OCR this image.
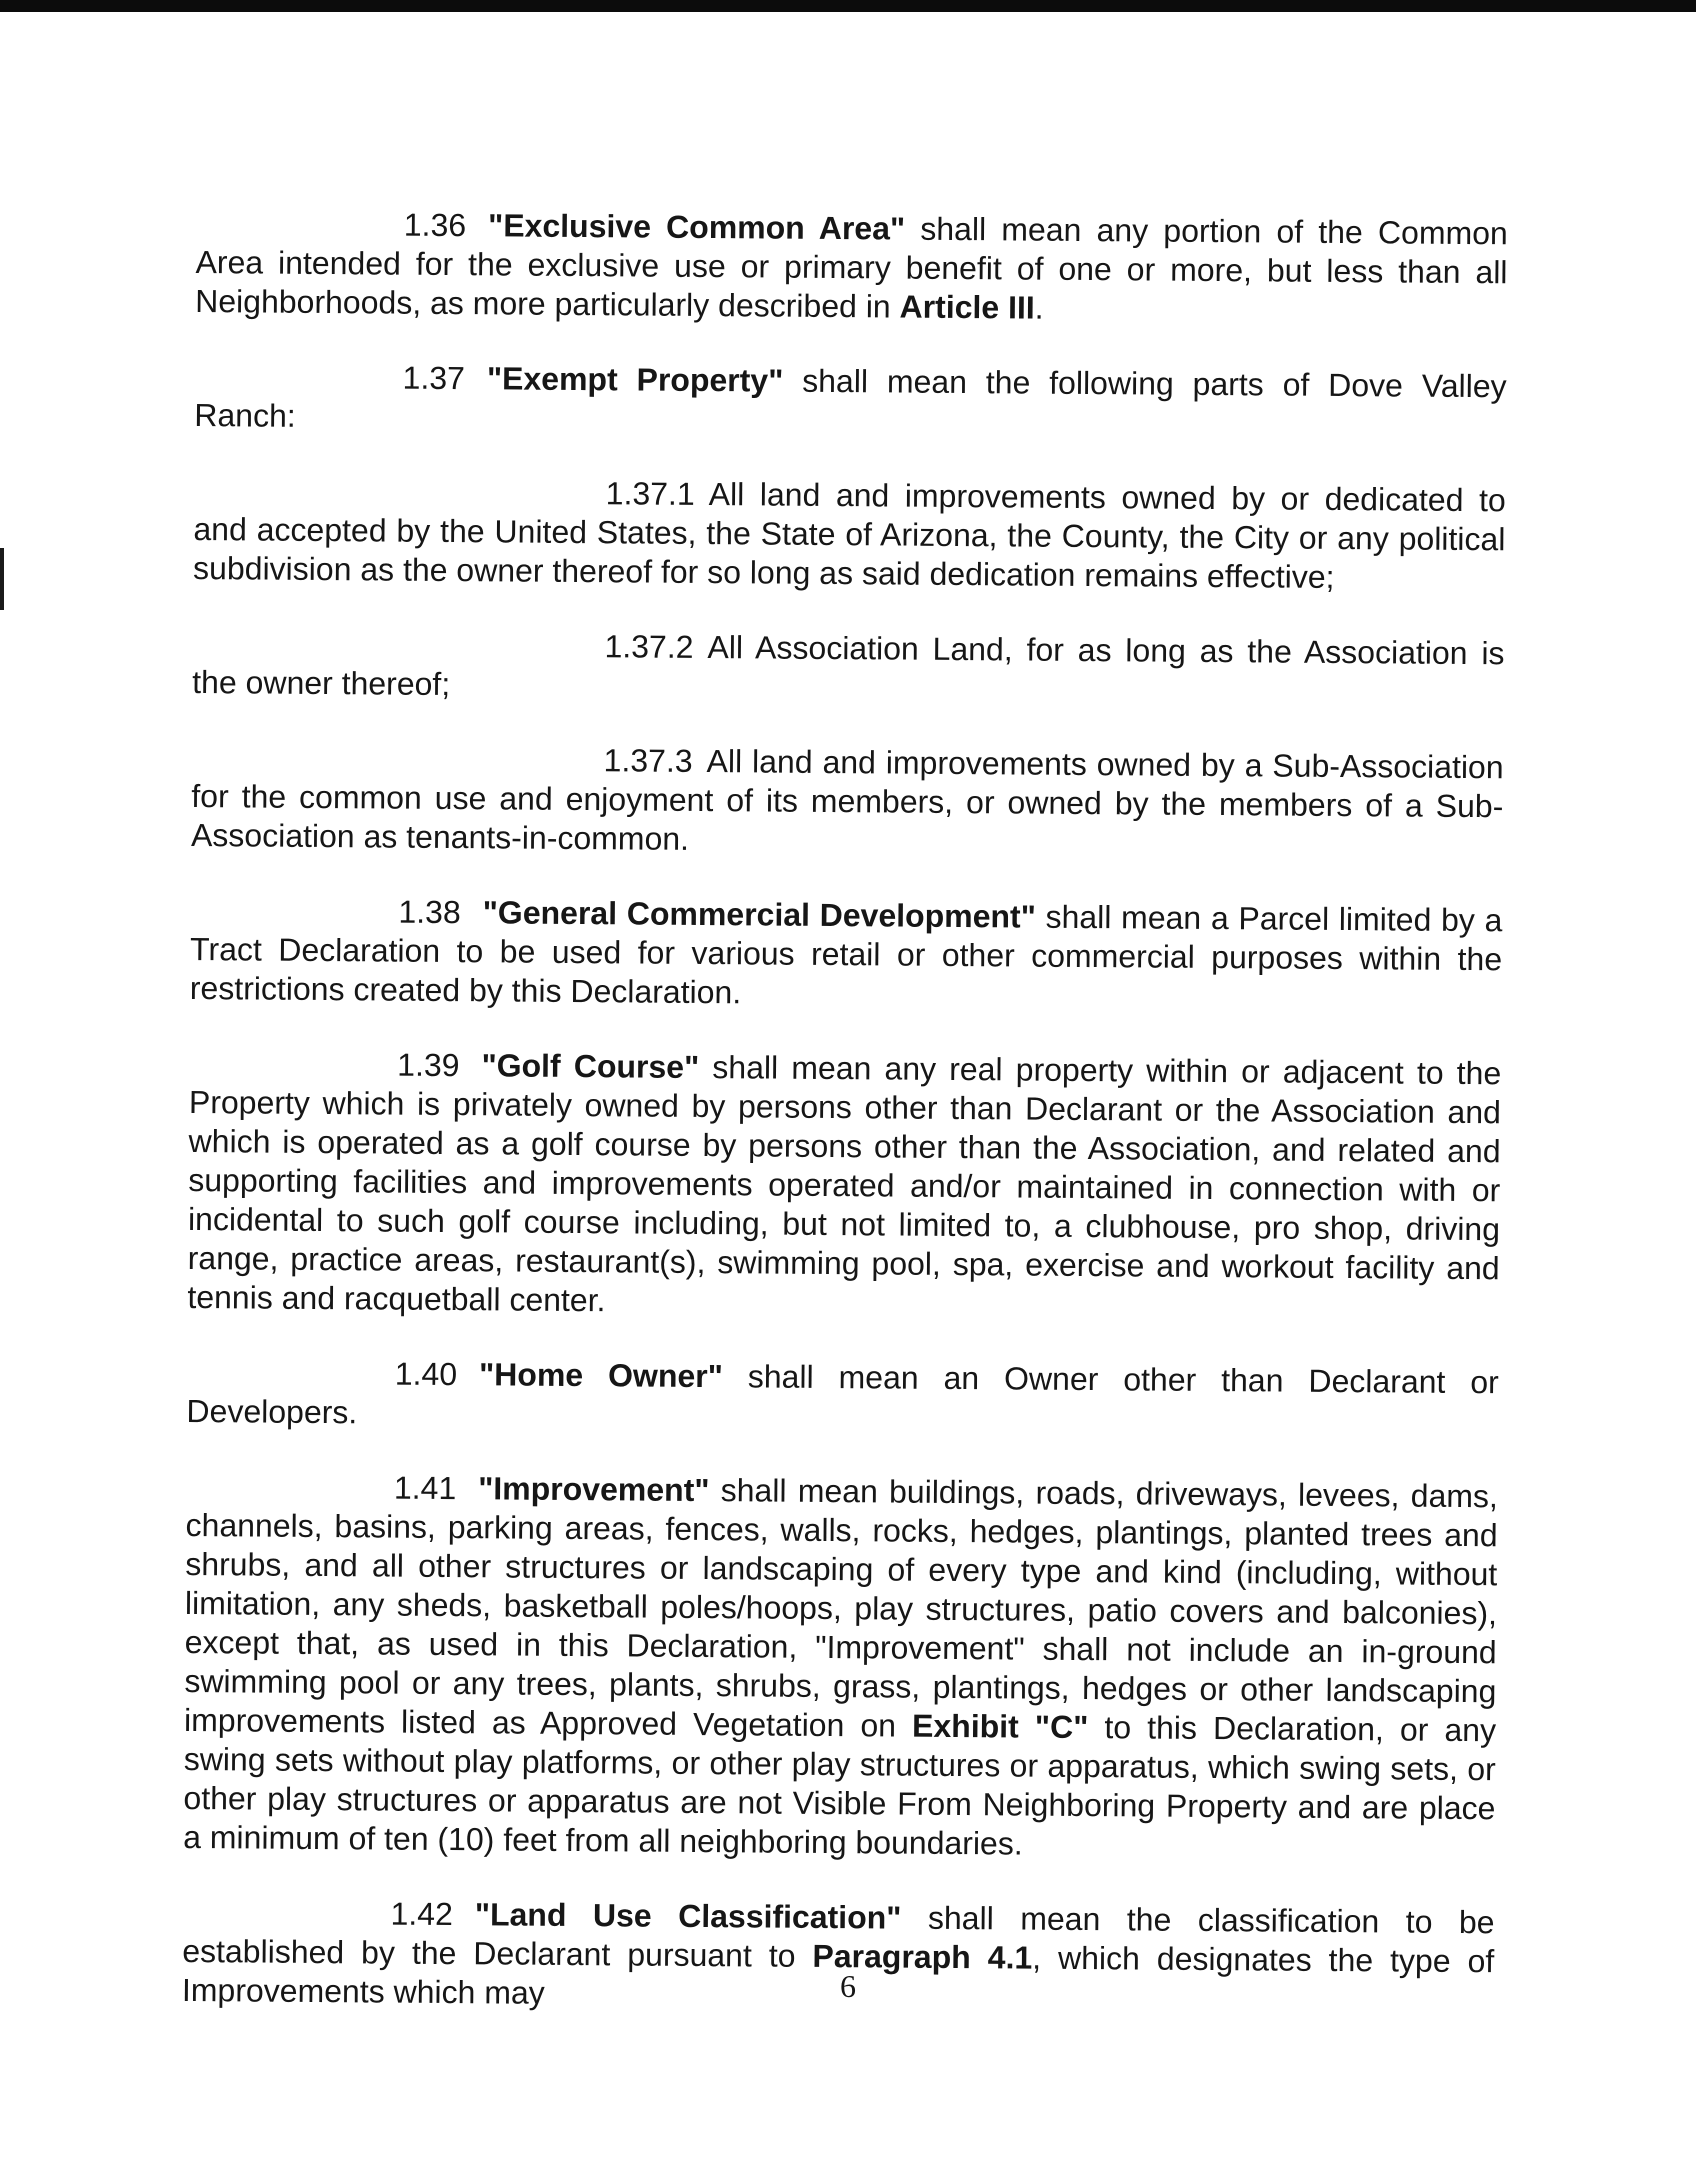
1.36 "Exclusive Common Area" shall mean any portion of the Common Area intended for the exclusive use or primary benefit of one or more, but less than all Neighborhoods, as more particularly described in Article III.

1.37 "Exempt Property" shall mean the following parts of Dove Valley Ranch:

1.37.1 All land and improvements owned by or dedicated to and accepted by the United States, the State of Arizona, the County, the City or any political subdivision as the owner thereof for so long as said dedication remains effective;

1.37.2 All Association Land, for as long as the Association is the owner thereof;

1.37.3 All land and improvements owned by a Sub-Association for the common use and enjoyment of its members, or owned by the members of a Sub-Association as tenants-in-common.

1.38 "General Commercial Development" shall mean a Parcel limited by a Tract Declaration to be used for various retail or other commercial purposes within the restrictions created by this Declaration.

1.39 "Golf Course" shall mean any real property within or adjacent to the Property which is privately owned by persons other than Declarant or the Association and which is operated as a golf course by persons other than the Association, and related and supporting facilities and improvements operated and/or maintained in connection with or incidental to such golf course including, but not limited to, a clubhouse, pro shop, driving range, practice areas, restaurant(s), swimming pool, spa, exercise and workout facility and tennis and racquetball center.

1.40 "Home Owner" shall mean an Owner other than Declarant or Developers.

1.41 "Improvement" shall mean buildings, roads, driveways, levees, dams, channels, basins, parking areas, fences, walls, rocks, hedges, plantings, planted trees and shrubs, and all other structures or landscaping of every type and kind (including, without limitation, any sheds, basketball poles/hoops, play structures, patio covers and balconies), except that, as used in this Declaration, "Improvement" shall not include an in-ground swimming pool or any trees, plants, shrubs, grass, plantings, hedges or other landscaping improvements listed as Approved Vegetation on Exhibit "C" to this Declaration, or any swing sets without play platforms, or other play structures or apparatus, which swing sets, or other play structures or apparatus are not Visible From Neighboring Property and are place a minimum of ten (10) feet from all neighboring boundaries.

1.42 "Land Use Classification" shall mean the classification to be established by the Declarant pursuant to Paragraph 4.1, which designates the type of Improvements which may	6
